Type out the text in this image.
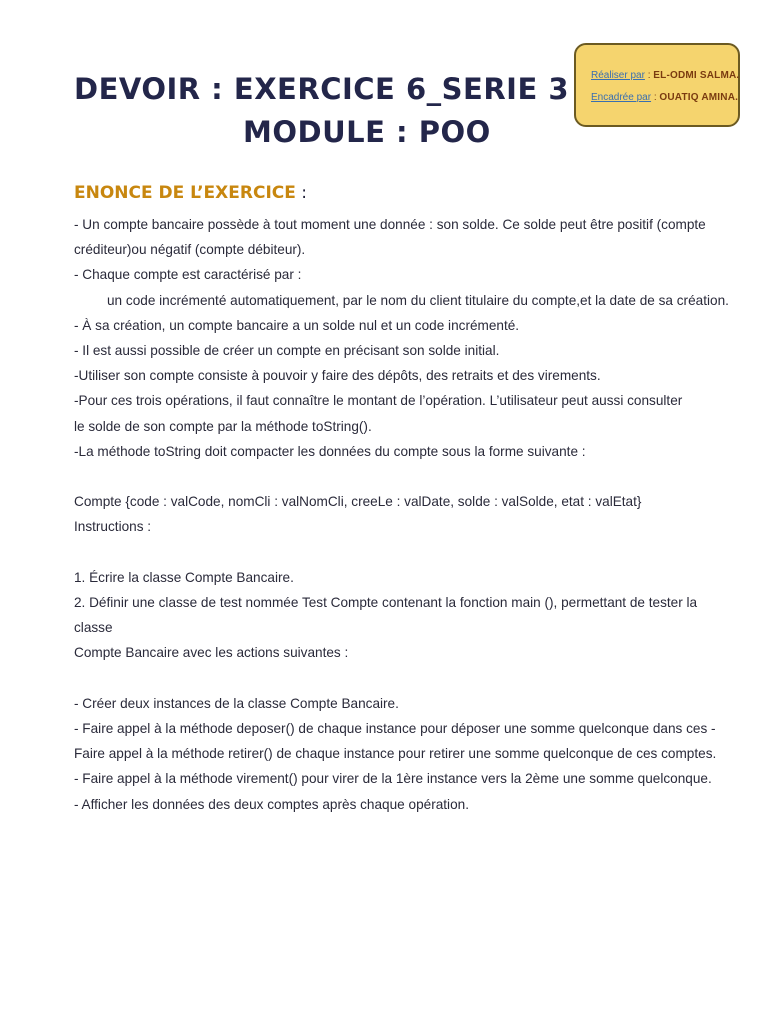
DEVOIR : EXERCICE 6_SERIE 3
MODULE : POO
Réaliser par : EL-ODMI SALMA.
Encadrée par : OUATIQ AMINA.
ENONCE DE L’EXERCICE :
- Un compte bancaire possède à tout moment une donnée : son solde. Ce solde peut être positif (compte
créditeur)ou négatif (compte débiteur).
- Chaque compte est caractérisé par :
un code incrémenté automatiquement, par le nom du client titulaire du compte,et la date de sa création.
- À sa création, un compte bancaire a un solde nul et un code incrémenté.
- Il est aussi possible de créer un compte en précisant son solde initial.
-Utiliser son compte consiste à pouvoir y faire des dépôts, des retraits et des virements.
-Pour ces trois opérations, il faut connaître le montant de l’opération. L’utilisateur peut aussi consulter
le solde de son compte par la méthode toString().
-La méthode toString doit compacter les données du compte sous la forme suivante :
Compte {code : valCode, nomCli : valNomCli, creeLe : valDate, solde : valSolde, etat : valEtat}
Instructions :
1. Écrire la classe Compte Bancaire.
2. Définir une classe de test nommée Test Compte contenant la fonction main (), permettant de tester la
classe
Compte Bancaire avec les actions suivantes :
- Créer deux instances de la classe Compte Bancaire.
- Faire appel à la méthode deposer() de chaque instance pour déposer une somme quelconque dans ces -
Faire appel à la méthode retirer() de chaque instance pour retirer une somme quelconque de ces comptes.
- Faire appel à la méthode virement() pour virer de la 1ère instance vers la 2ème une somme quelconque.
- Afficher les données des deux comptes après chaque opération.
